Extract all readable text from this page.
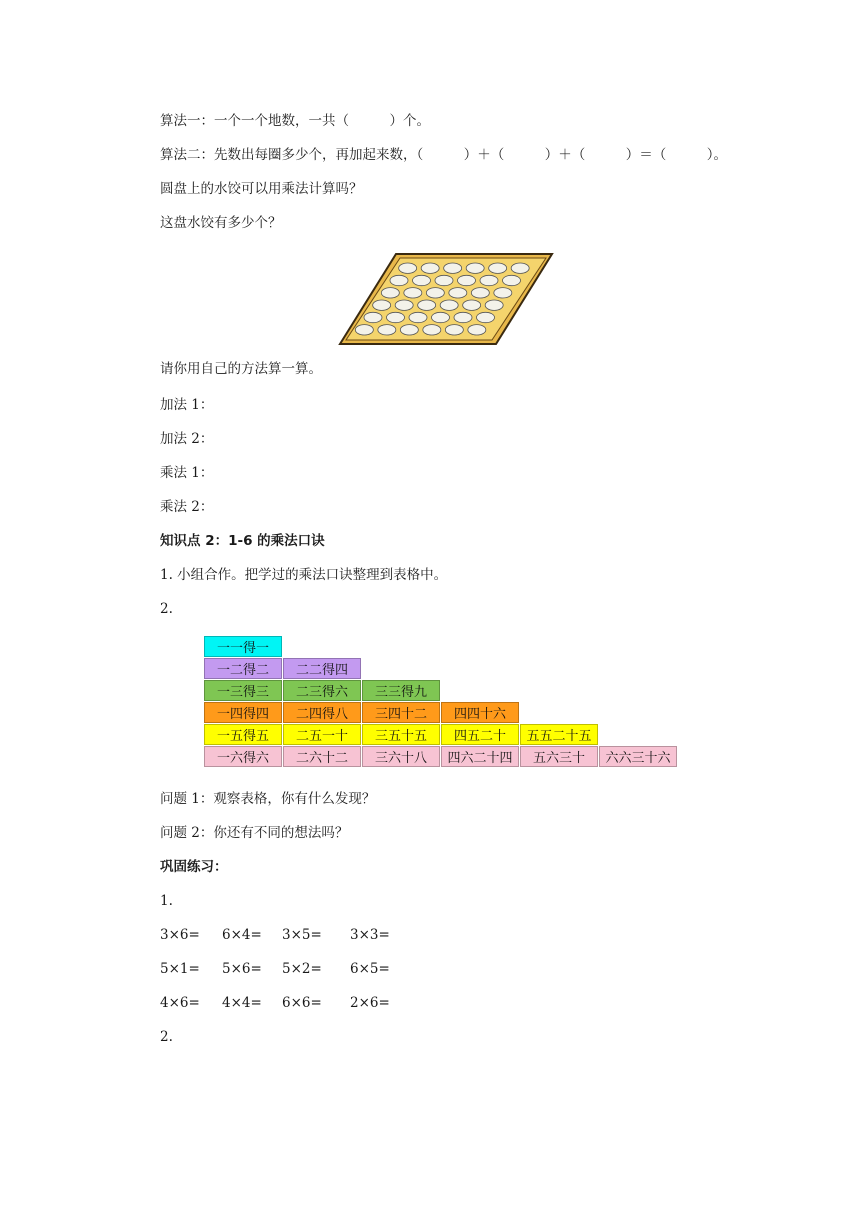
算法一：一个一个地数，一共（　　　）个。
算法二：先数出每圈多少个，再加起来数，（　　　）＋（　　　）＋（　　　）＝（　　　）。
圆盘上的水饺可以用乘法计算吗？
这盘水饺有多少个？
请你用自己的方法算一算。
加法 1：
加法 2：
乘法 1：
乘法 2：
知识点 2：1-6 的乘法口诀
1. 小组合作。把学过的乘法口诀整理到表格中。
2.
一一得一
一二得二	二二得四
一三得三	二三得六	三三得九
一四得四	二四得八	三四十二	四四十六
一五得五	二五一十	三五十五	四五二十	五五二十五
一六得六	二六十二	三六十八	四六二十四	五六三十	六六三十六
问题 1：观察表格，你有什么发现？
问题 2：你还有不同的想法吗？
巩固练习：
1.
3×6=	6×4=	3×5=	3×3=
5×1=	5×6=	5×2=	6×5=
4×6=	4×4=	6×6=	2×6=
2.
